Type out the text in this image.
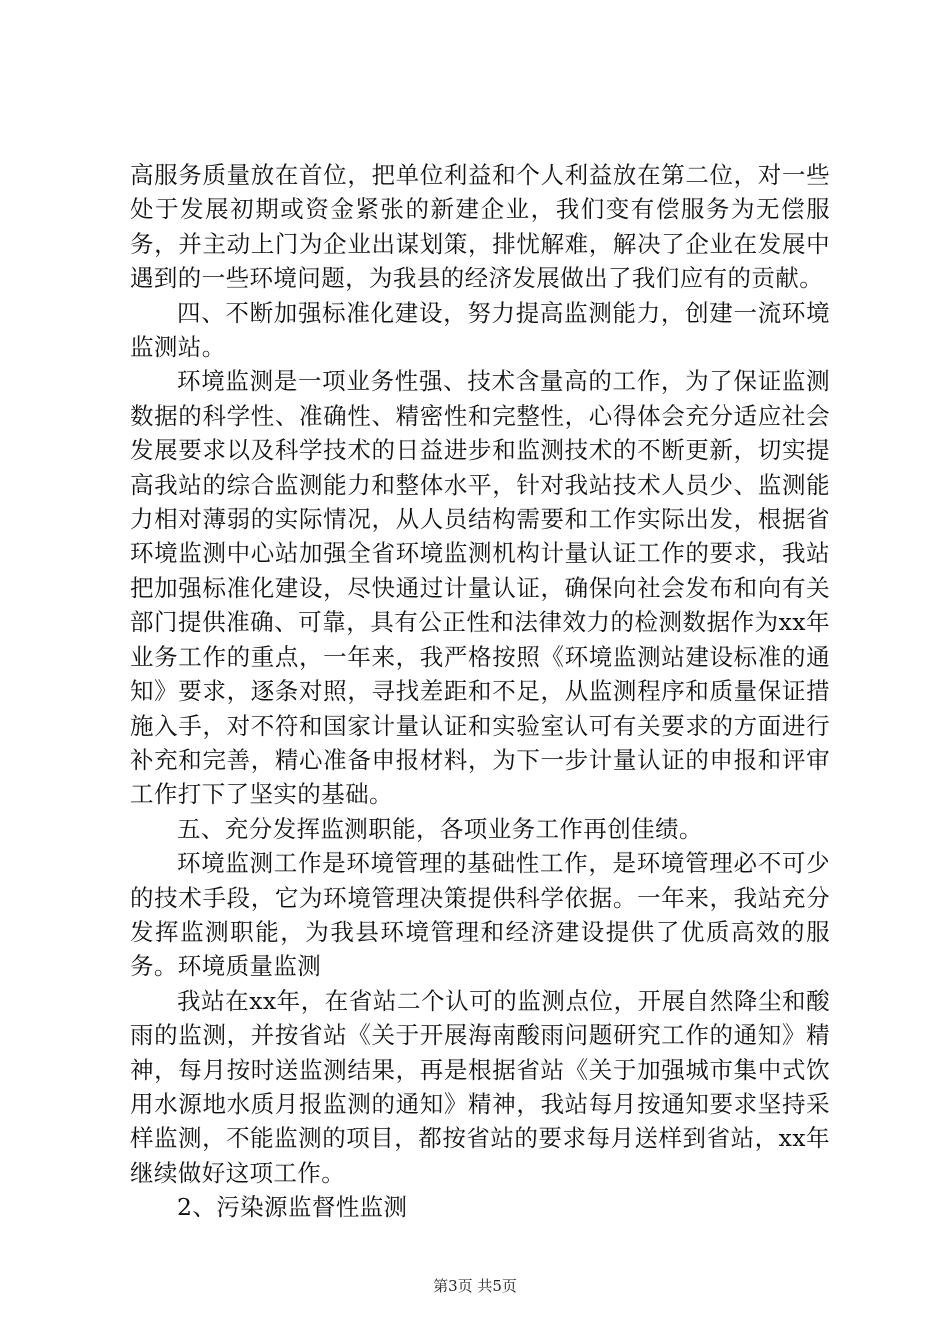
高服务质量放在首位，把单位利益和个人利益放在第二位，对一些处于发展初期或资金紧张的新建企业，我们变有偿服务为无偿服务，并主动上门为企业出谋划策，排忧解难，解决了企业在发展中遇到的一些环境问题，为我县的经济发展做出了我们应有的贡献。

四、不断加强标准化建设，努力提高监测能力，创建一流环境监测站。

环境监测是一项业务性强、技术含量高的工作，为了保证监测数据的科学性、准确性、精密性和完整性，心得体会充分适应社会发展要求以及科学技术的日益进步和监测技术的不断更新，切实提高我站的综合监测能力和整体水平，针对我站技术人员少、监测能力相对薄弱的实际情况，从人员结构需要和工作实际出发，根据省环境监测中心站加强全省环境监测机构计量认证工作的要求，我站把加强标准化建设，尽快通过计量认证，确保向社会发布和向有关部门提供准确、可靠，具有公正性和法律效力的检测数据作为xx年业务工作的重点，一年来，我严格按照《环境监测站建设标准的通知》要求，逐条对照，寻找差距和不足，从监测程序和质量保证措施入手，对不符和国家计量认证和实验室认可有关要求的方面进行补充和完善，精心准备申报材料，为下一步计量认证的申报和评审工作打下了坚实的基础。

五、充分发挥监测职能，各项业务工作再创佳绩。

环境监测工作是环境管理的基础性工作，是环境管理必不可少的技术手段，它为环境管理决策提供科学依据。一年来，我站充分发挥监测职能，为我县环境管理和经济建设提供了优质高效的服务。环境质量监测

我站在xx年，在省站二个认可的监测点位，开展自然降尘和酸雨的监测，并按省站《关于开展海南酸雨问题研究工作的通知》精神，每月按时送监测结果，再是根据省站《关于加强城市集中式饮用水源地水质月报监测的通知》精神，我站每月按通知要求坚持采样监测，不能监测的项目，都按省站的要求每月送样到省站，xx年继续做好这项工作。

2、污染源监督性监测

第3页 共5页
